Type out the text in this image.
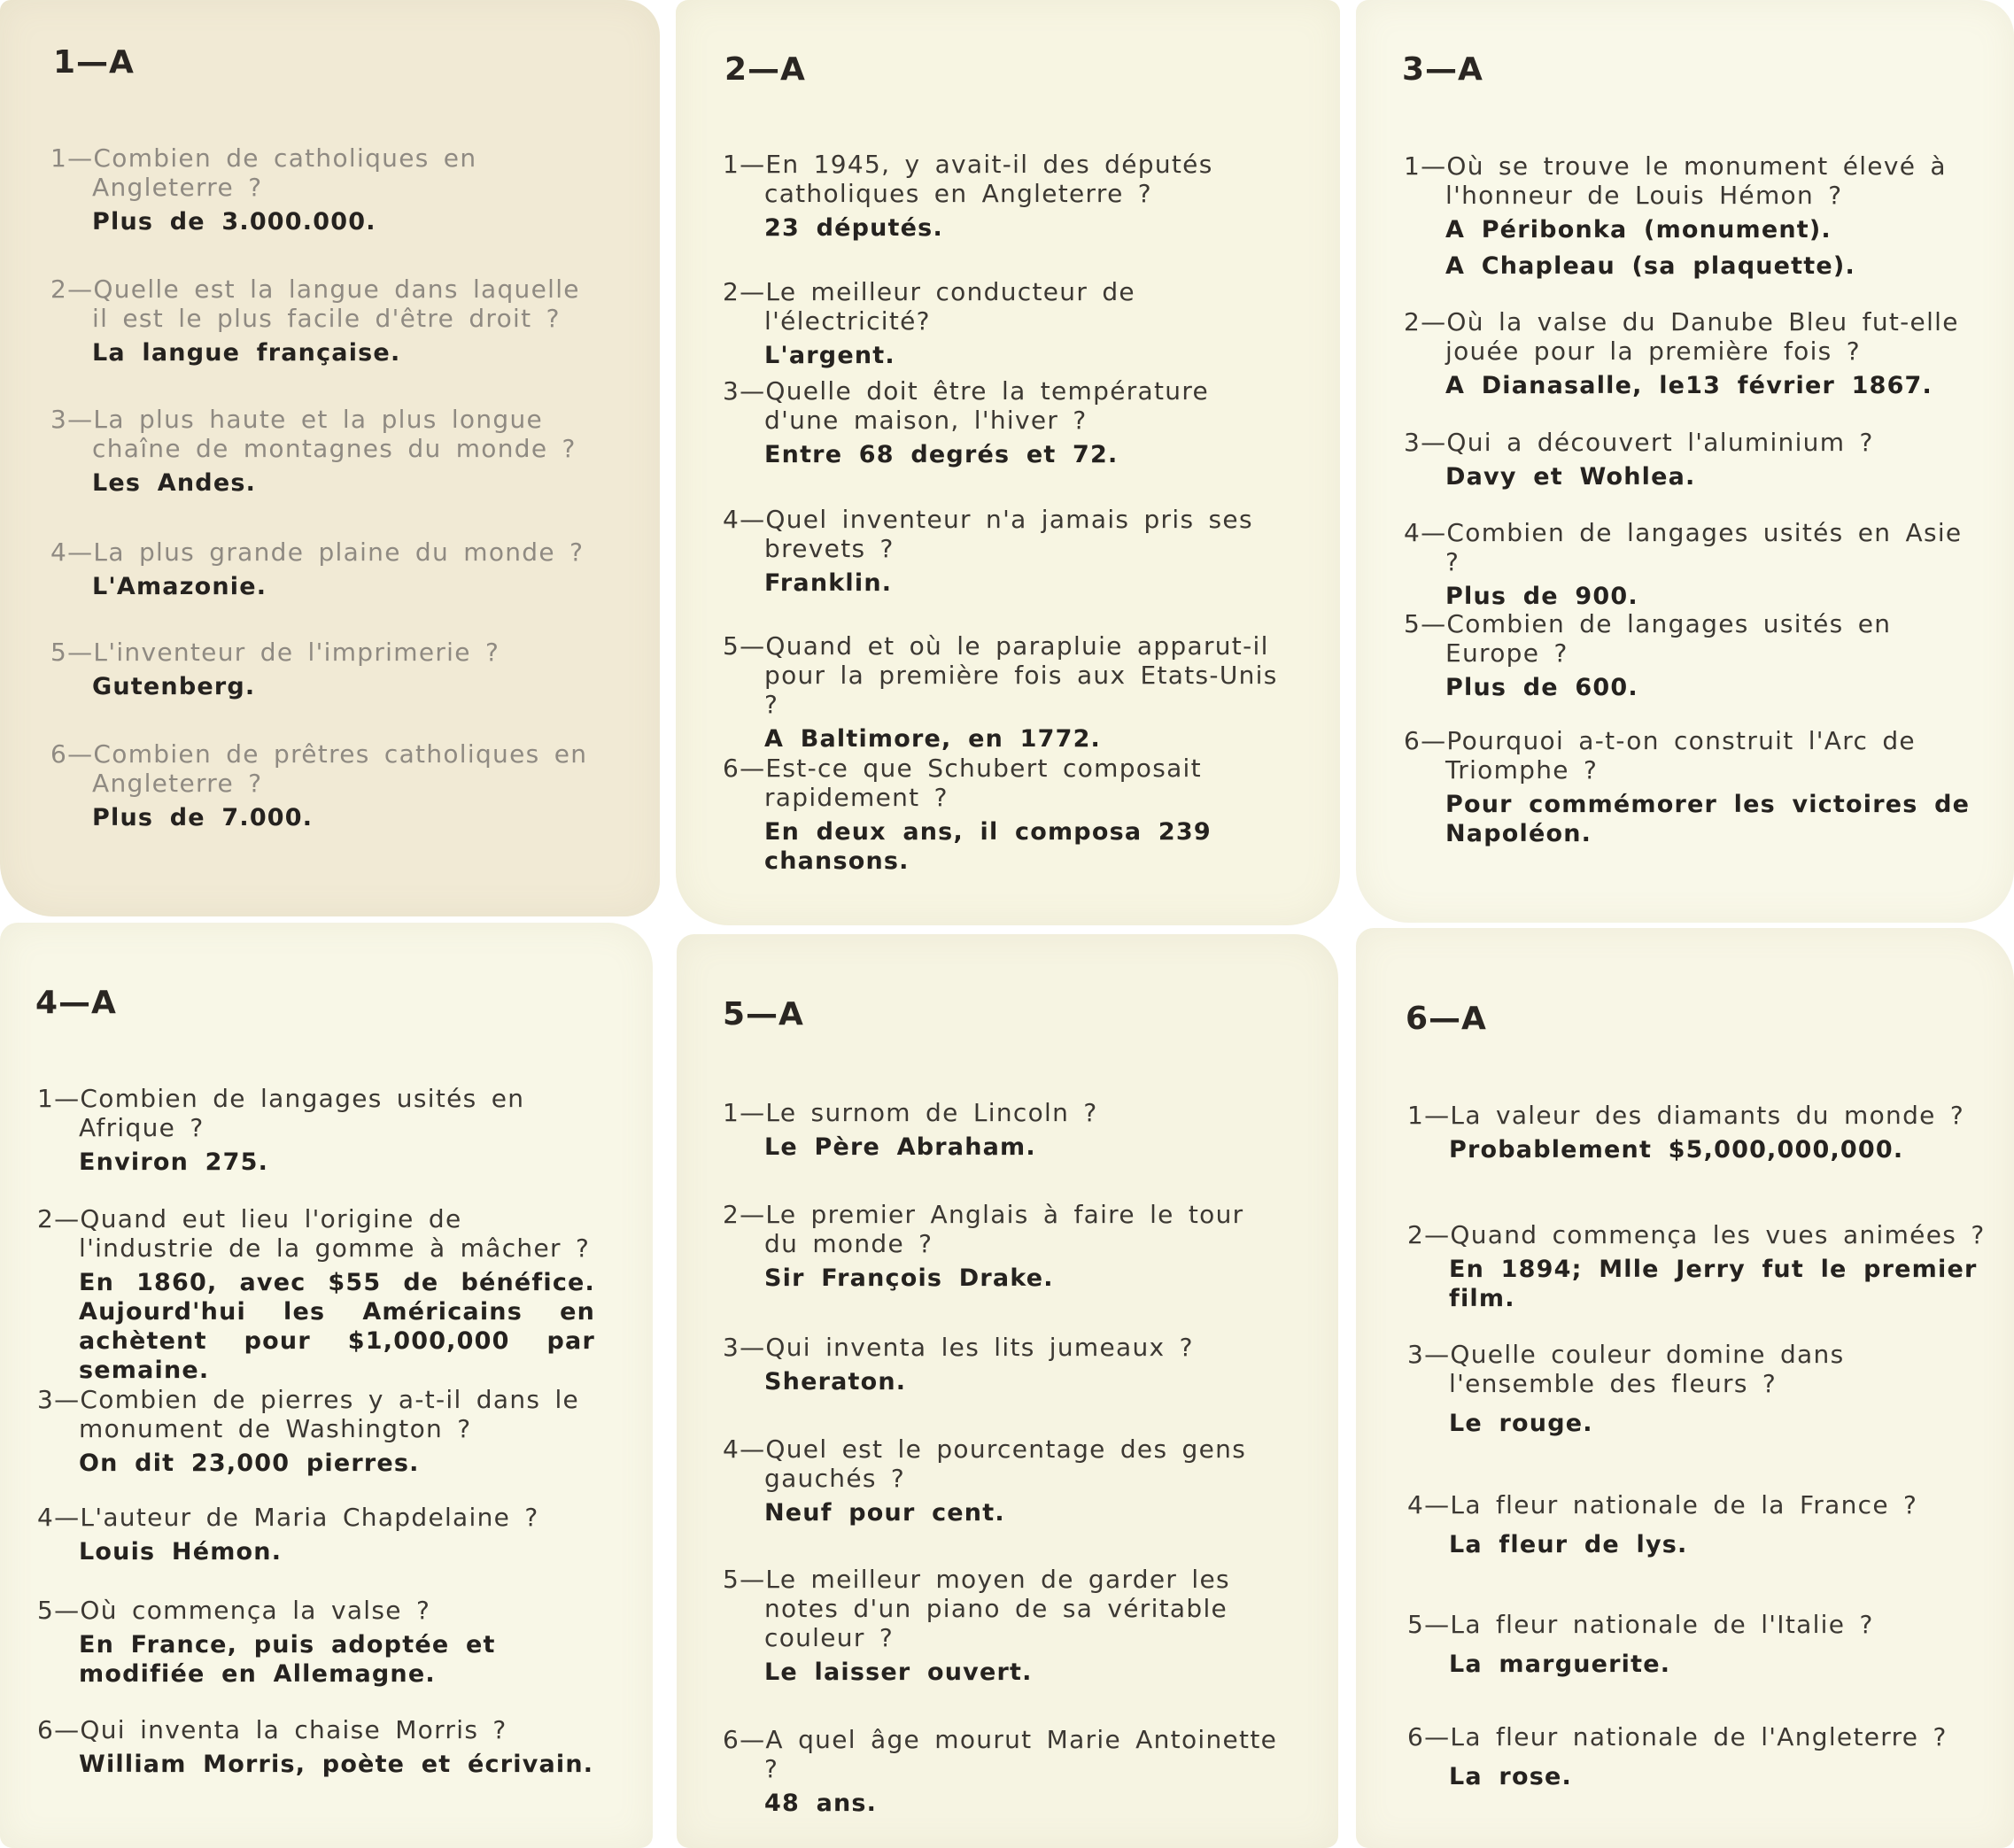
1—A
1—Combien de catholiques en Angleterre ?
Plus de 3.000.000.
2—Quelle est la langue dans laquelle il est le plus facile d'être droit ?
La langue française.
3—La plus haute et la plus longue chaîne de montagnes du monde ?
Les Andes.
4—La plus grande plaine du monde ?
L'Amazonie.
5—L'inventeur de l'imprimerie ?
Gutenberg.
6—Combien de prêtres catholiques en Angleterre ?
Plus de 7.000.
2—A
1—En 1945, y avait-il des députés catholiques en Angleterre ?
23 députés.
2—Le meilleur conducteur de l'électricité?
L'argent.
3—Quelle doit être la température d'une maison, l'hiver ?
Entre 68 degrés et 72.
4—Quel inventeur n'a jamais pris ses brevets ?
Franklin.
5—Quand et où le parapluie apparut-il pour la première fois aux Etats-Unis ?
A Baltimore, en 1772.
6—Est-ce que Schubert composait rapidement ?
En deux ans, il composa 239 chansons.
3—A
1—Où se trouve le monument élevé à l'honneur de Louis Hémon ?
A Péribonka (monument).
A Chapleau (sa plaquette).
2—Où la valse du Danube Bleu fut-elle jouée pour la première fois ?
A Dianasalle, le13 février 1867.
3—Qui a découvert l'aluminium ?
Davy et Wohlea.
4—Combien de langages usités en Asie ?
Plus de 900.
5—Combien de langages usités en Europe ?
Plus de 600.
6—Pourquoi a-t-on construit l'Arc de Triomphe ?
Pour commémorer les victoires de Napoléon.
4—A
1—Combien de langages usités en Afrique ?
Environ 275.
2—Quand eut lieu l'origine de l'industrie de la gomme à mâcher ?
En 1860, avec $55 de bénéfice. Aujourd'hui les Américains en achètent pour $1,000,000 par semaine.
3—Combien de pierres y a-t-il dans le monument de Washington ?
On dit 23,000 pierres.
4—L'auteur de Maria Chapdelaine ?
Louis Hémon.
5—Où commença la valse ?
En France, puis adoptée et modifiée en Allemagne.
6—Qui inventa la chaise Morris ?
William Morris, poète et écrivain.
5—A
1—Le surnom de Lincoln ?
Le Père Abraham.
2—Le premier Anglais à faire le tour du monde ?
Sir François Drake.
3—Qui inventa les lits jumeaux ?
Sheraton.
4—Quel est le pourcentage des gens gauchés ?
Neuf pour cent.
5—Le meilleur moyen de garder les notes d'un piano de sa véritable couleur ?
Le laisser ouvert.
6—A quel âge mourut Marie Antoinette ?
48 ans.
6—A
1—La valeur des diamants du monde ?
Probablement $5,000,000,000.
2—Quand commença les vues animées ?
En 1894; Mlle Jerry fut le premier film.
3—Quelle couleur domine dans l'ensemble des fleurs ?
Le rouge.
4—La fleur nationale de la France ?
La fleur de lys.
5—La fleur nationale de l'Italie ?
La marguerite.
6—La fleur nationale de l'Angleterre ?
La rose.
